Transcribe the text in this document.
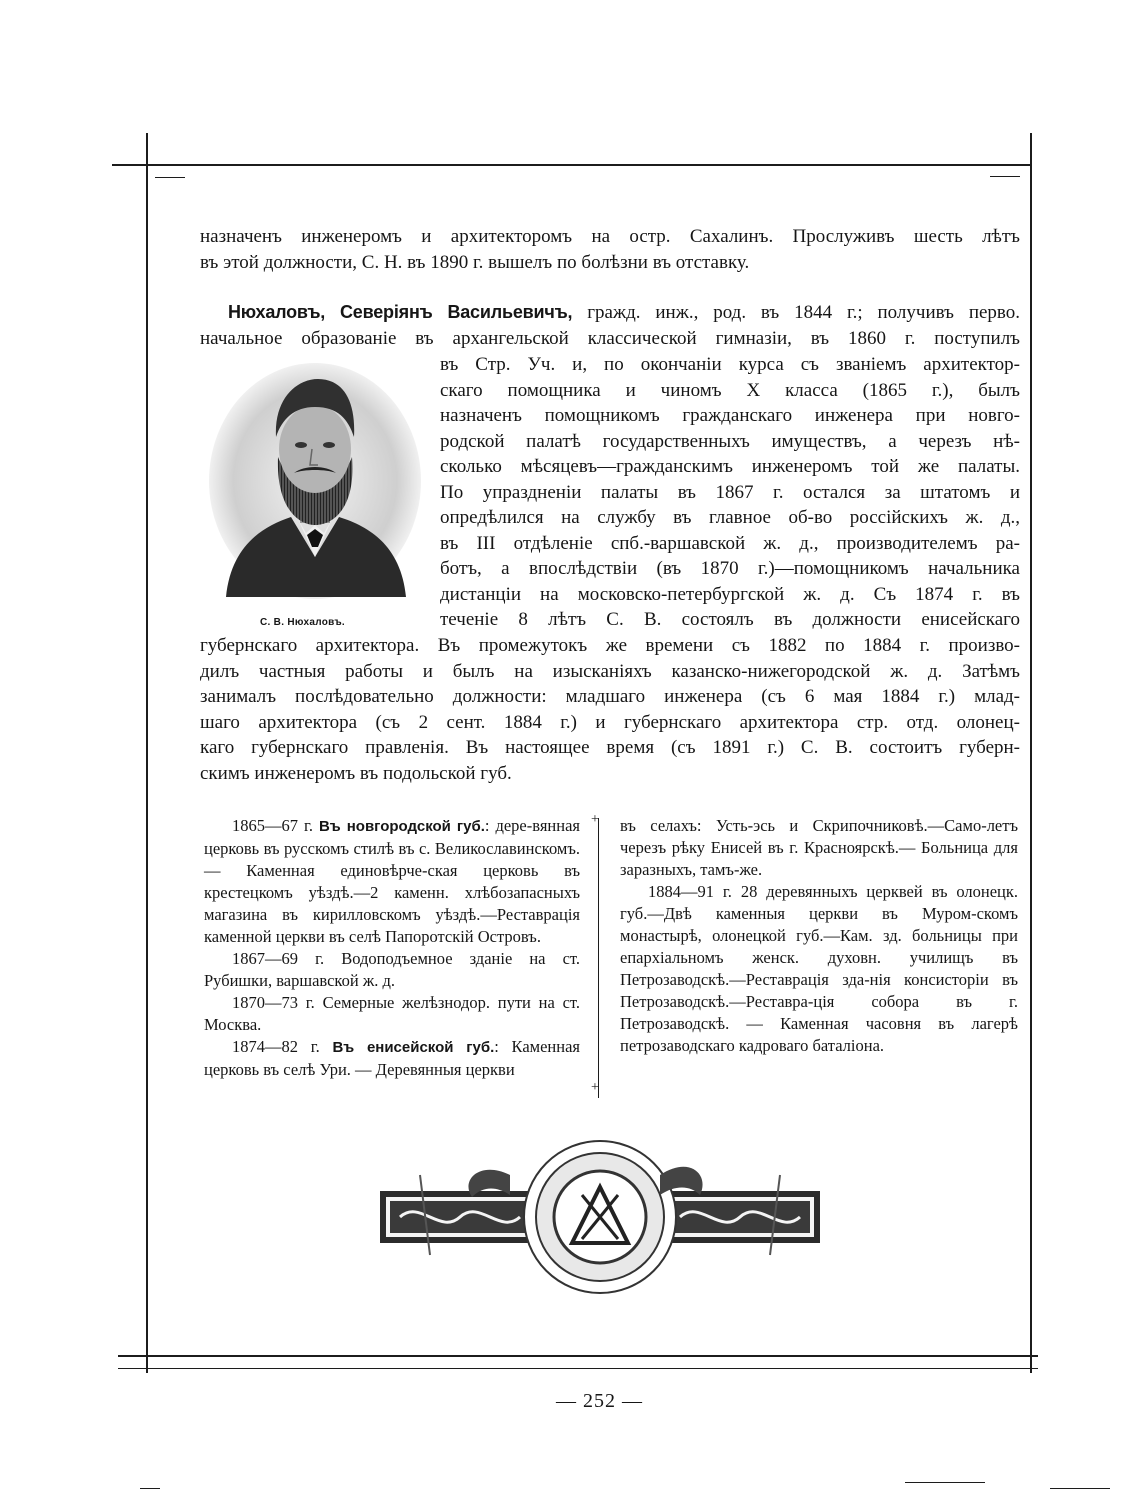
назначенъ инженеромъ и архитекторомъ на остр. Сахалинъ. Прослуживъ шесть лѣтъ
въ этой должности, С. Н. въ 1890 г. вышелъ по болѣзни въ отставку.
Нюхаловъ, Северіянъ Васильевичъ, гражд. инж., род. въ 1844 г.; получивъ перво.
начальное образованіе въ архангельской классической гимназіи, въ 1860 г. поступилъ
С. В. Нюхаловъ.
въ Стр. Уч. и, по окончаніи курса съ званіемъ архитектор-
скаго помощника и чиномъ X класса (1865 г.), былъ
назначенъ помощникомъ гражданскаго инженера при новго-
родской палатѣ государственныхъ имуществъ, а черезъ нѣ-
сколько мѣсяцевъ—гражданскимъ инженеромъ той же палаты.
По упраздненіи палаты въ 1867 г. остался за штатомъ и
опредѣлился на службу въ главное об-во россійскихъ ж. д.,
въ III отдѣленіе спб.-варшавской ж. д., производителемъ ра-
ботъ, а впослѣдствіи (въ 1870 г.)—помощникомъ начальника
дистанціи на московско-петербургской ж. д. Съ 1874 г. въ
теченіе 8 лѣтъ С. В. состоялъ въ должности енисейскаго
губернскаго архитектора. Въ промежутокъ же времени съ 1882 по 1884 г. произво-
дилъ частныя работы и былъ на изысканіяхъ казанско-нижегородской ж. д. Затѣмъ
занималъ послѣдовательно должности: младшаго инженера (съ 6 мая 1884 г.) млад-
шаго архитектора (съ 2 сент. 1884 г.) и губернскаго архитектора стр. отд. олонец-
каго губернскаго правленія. Въ настоящее время (съ 1891 г.) С. В. состоитъ губерн-
скимъ инженеромъ въ подольской губ.

1865—67 г. Въ новгородской губ.: дере-вянная церковь въ русскомъ стилѣ въ с. Великославинскомъ. — Каменная единовѣрче-ская церковь въ крестецкомъ уѣздѣ.—2 каменн. хлѣбозапасныхъ магазина въ кирилловскомъ уѣздѣ.—Реставрація каменной церкви въ селѣ Папоротскій Островъ.

1867—69 г. Водоподъемное зданіе на ст. Рубишки, варшавской ж. д.

1870—73 г. Семерные желѣзнодор. пути на ст. Москва.

1874—82 г. Въ енисейской губ.: Каменная церковь въ селѣ Ури. — Деревянныя церкви

+
+

въ селахъ: Усть-эсь и Скрипочниковѣ.—Само-летъ черезъ рѣку Енисей въ г. Красноярскѣ.— Больница для заразныхъ, тамъ-же.

1884—91 г. 28 деревянныхъ церквей въ олонецк. губ.—Двѣ каменныя церкви въ Муром-скомъ монастырѣ, олонецкой губ.—Кам. зд. больницы при епархіальномъ женск. духовн. училищъ въ Петрозаводскѣ.—Реставрація зда-нія консисторіи въ Петрозаводскѣ.—Реставра-ція собора въ г. Петрозаводскѣ. — Каменная часовня въ лагерѣ петрозаводскаго кадроваго баталіона.

— 252 —
